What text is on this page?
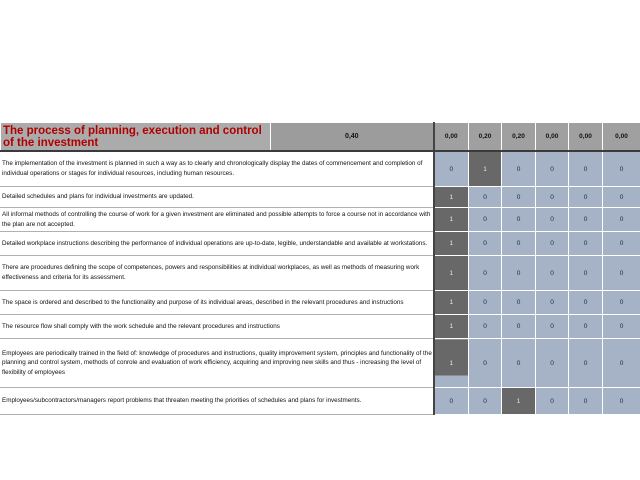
The process of planning, execution and control of the investment	0,40	0,00	0,20	0,20	0,00	0,00	0,00
The implementation of the investment is planned in such a way as to clearly and chronologically display the dates of commencement and completion of individual operations or stages for individual resources, including human resources.		0	1	0	0	0	0
Detailed schedules and plans for individual investments are updated.		1	0	0	0	0	0
All informal methods of controlling the course of work for a given investment are eliminated and possible attempts to force a course not in accordance with the plan are not accepted.		1	0	0	0	0	0
Detailed workplace instructions describing the performance of individual operations are up-to-date, legible, understandable and available at workstations.		1	0	0	0	0	0
There are procedures defining the scope of competences, powers and responsibilities at individual workplaces, as well as methods of measuring work effectiveness and criteria for its assessment.		1	0	0	0	0	0
The space is ordered and described to the functionality and purpose of its individual areas, described in the relevant procedures and instructions		1	0	0	0	0	0
The resource flow shall comply with the work schedule and the relevant procedures and instructions		1	0	0	0	0	0
Employees are periodically trained in the field of: knowledge of procedures and instructions, quality improvement system, principles and functionality of the planning and control system, methods of conrole and evaluation of work efficiency, acquiring and improving new skills and thus - increasing the level of flexibility of employees		1	0	0	0	0	0
Employees/subcontractors/managers report problems that threaten meeting the priorities of schedules and plans for investments.		0	0	1	0	0	0
